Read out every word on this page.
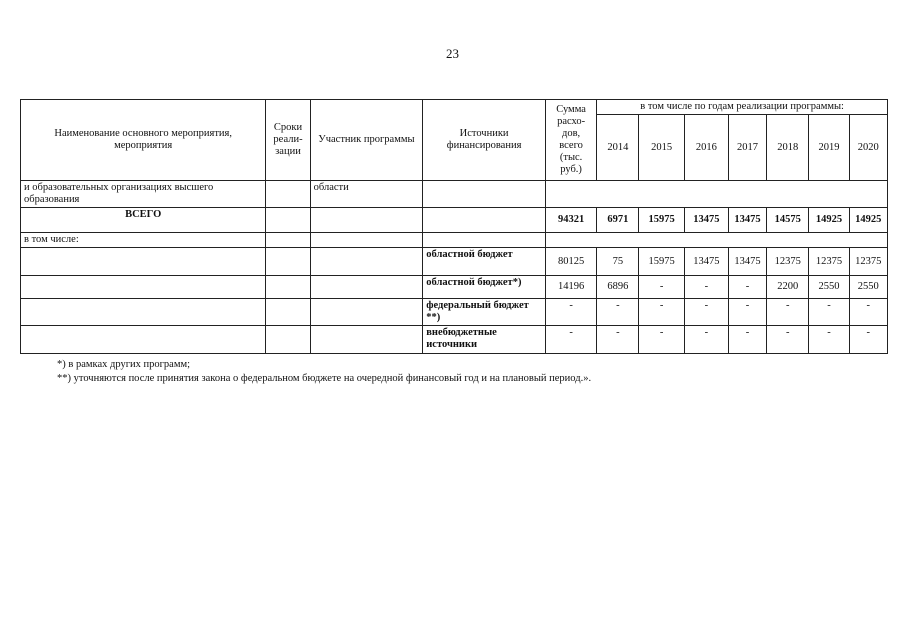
23
Наименование основного мероприятия, мероприятия	Сроки реали-зации	Участник программы	Источники финансирования	Сумма расхо-дов, всего (тыс. руб.)	в том числе по годам реализации программы:						
					2014	2015	2016	2017	2018	2019	2020
и образовательных организациях высшего образования		области									
ВСЕГО				94321	6971	15975	13475	13475	14575	14925	14925
в том числе:											
			областной бюджет	80125	75	15975	13475	13475	12375	12375	12375
			областной бюджет*)	14196	6896	-	-	-	2200	2550	2550
			федеральный бюджет **)	-	-	-	-	-	-	-	-
			внебюджетные источники	-	-	-	-	-	-	-	-
*) в рамках других программ;
**) уточняются после принятия закона о федеральном бюджете на очередной финансовый год и на плановый период.».
